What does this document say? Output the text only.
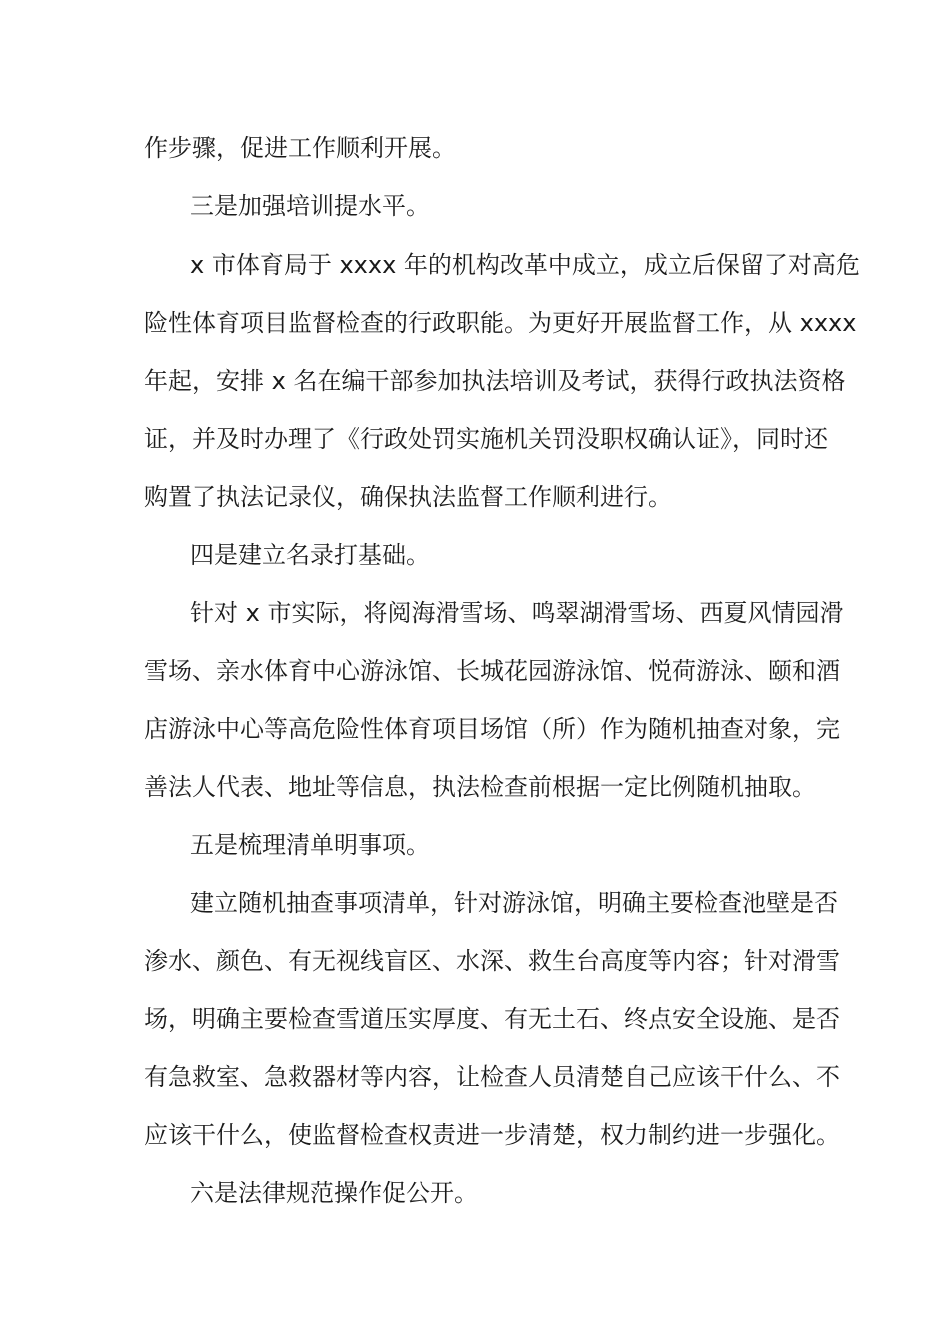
作步骤，促进工作顺利开展。
三是加强培训提水平。
x 市体育局于 xxxx 年的机构改革中成立，成立后保留了对高危
险性体育项目监督检查的行政职能。为更好开展监督工作，从 xxxx
年起，安排 x 名在编干部参加执法培训及考试，获得行政执法资格
证，并及时办理了《行政处罚实施机关罚没职权确认证》，同时还
购置了执法记录仪，确保执法监督工作顺利进行。
四是建立名录打基础。
针对 x 市实际，将阅海滑雪场、鸣翠湖滑雪场、西夏风情园滑
雪场、亲水体育中心游泳馆、长城花园游泳馆、悦荷游泳、颐和酒
店游泳中心等高危险性体育项目场馆（所）作为随机抽查对象，完
善法人代表、地址等信息，执法检查前根据一定比例随机抽取。
五是梳理清单明事项。
建立随机抽查事项清单，针对游泳馆，明确主要检查池壁是否
渗水、颜色、有无视线盲区、水深、救生台高度等内容；针对滑雪
场，明确主要检查雪道压实厚度、有无土石、终点安全设施、是否
有急救室、急救器材等内容，让检查人员清楚自己应该干什么、不
应该干什么，使监督检查权责进一步清楚，权力制约进一步强化。
六是法律规范操作促公开。
